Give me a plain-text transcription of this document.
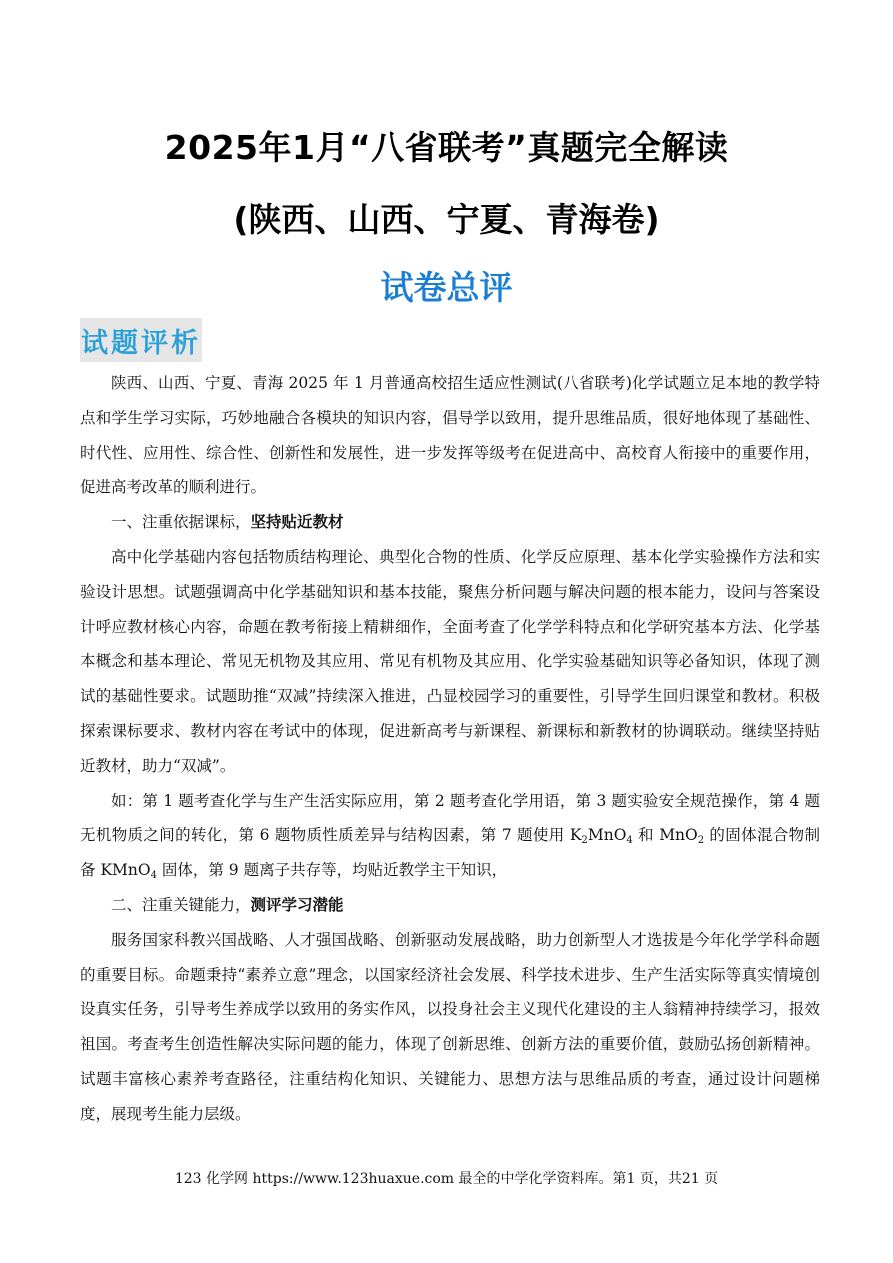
2025年1月“八省联考”真题完全解读
(陕西、山西、宁夏、青海卷)
试卷总评
试题评析

陕西、山西、宁夏、青海 2025 年 1 月普通高校招生适应性测试(八省联考)化学试题立足本地的教学特点和学生学习实际，巧妙地融合各模块的知识内容，倡导学以致用，提升思维品质，很好地体现了基础性、时代性、应用性、综合性、创新性和发展性，进一步发挥等级考在促进高中、高校育人衔接中的重要作用，促进高考改革的顺利进行。

一、注重依据课标，坚持贴近教材

高中化学基础内容包括物质结构理论、典型化合物的性质、化学反应原理、基本化学实验操作方法和实验设计思想。试题强调高中化学基础知识和基本技能，聚焦分析问题与解决问题的根本能力，设问与答案设计呼应教材核心内容，命题在教考衔接上精耕细作，全面考查了化学学科特点和化学研究基本方法、化学基本概念和基本理论、常见无机物及其应用、常见有机物及其应用、化学实验基础知识等必备知识，体现了测试的基础性要求。试题助推“双减”持续深入推进，凸显校园学习的重要性，引导学生回归课堂和教材。积极探索课标要求、教材内容在考试中的体现，促进新高考与新课程、新课标和新教材的协调联动。继续坚持贴近教材，助力“双减”。

如：第 1 题考查化学与生产生活实际应用，第 2 题考查化学用语，第 3 题实验安全规范操作，第 4 题无机物质之间的转化，第 6 题物质性质差异与结构因素，第 7 题使用 $K_2MnO_4$ 和 MnO$_2$ 的固体混合物制备 KMnO$_4$ 固体，第 9 题离子共存等，均贴近教学主干知识，

二、注重关键能力，测评学习潜能

服务国家科教兴国战略、人才强国战略、创新驱动发展战略，助力创新型人才选拔是今年化学学科命题的重要目标。命题秉持“素养立意”理念，以国家经济社会发展、科学技术进步、生产生活实际等真实情境创设真实任务，引导考生养成学以致用的务实作风，以投身社会主义现代化建设的主人翁精神持续学习，报效祖国。考查考生创造性解决实际问题的能力，体现了创新思维、创新方法的重要价值，鼓励弘扬创新精神。试题丰富核心素养考查路径，注重结构化知识、关键能力、思想方法与思维品质的考查，通过设计问题梯度，展现考生能力层级。

123 化学网 https://www.123huaxue.com 最全的中学化学资料库。第1 页，共21 页
